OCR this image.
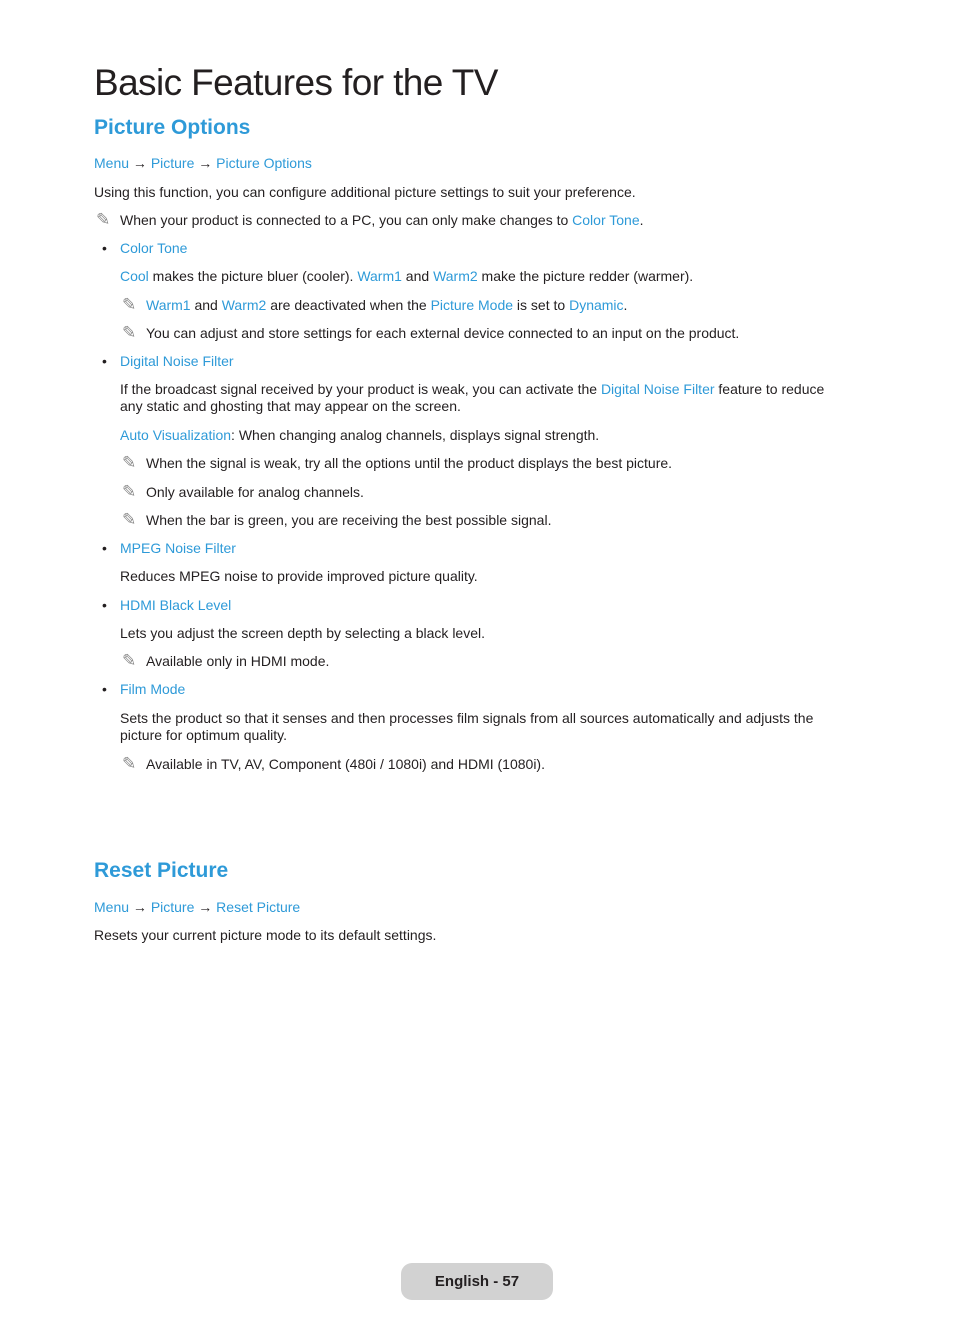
Basic Features for the TV
Picture Options
Menu → Picture → Picture Options
Using this function, you can configure additional picture settings to suit your preference.
✎ When your product is connected to a PC, you can only make changes to Color Tone.
• Color Tone
Cool makes the picture bluer (cooler). Warm1 and Warm2 make the picture redder (warmer).
✎ Warm1 and Warm2 are deactivated when the Picture Mode is set to Dynamic.
✎ You can adjust and store settings for each external device connected to an input on the product.
• Digital Noise Filter
If the broadcast signal received by your product is weak, you can activate the Digital Noise Filter feature to reduce any static and ghosting that may appear on the screen.
Auto Visualization: When changing analog channels, displays signal strength.
✎ When the signal is weak, try all the options until the product displays the best picture.
✎ Only available for analog channels.
✎ When the bar is green, you are receiving the best possible signal.
• MPEG Noise Filter
Reduces MPEG noise to provide improved picture quality.
• HDMI Black Level
Lets you adjust the screen depth by selecting a black level.
✎ Available only in HDMI mode.
• Film Mode
Sets the product so that it senses and then processes film signals from all sources automatically and adjusts the picture for optimum quality.
✎ Available in TV, AV, Component (480i / 1080i) and HDMI (1080i).
Reset Picture
Menu → Picture → Reset Picture
Resets your current picture mode to its default settings.
English - 57
